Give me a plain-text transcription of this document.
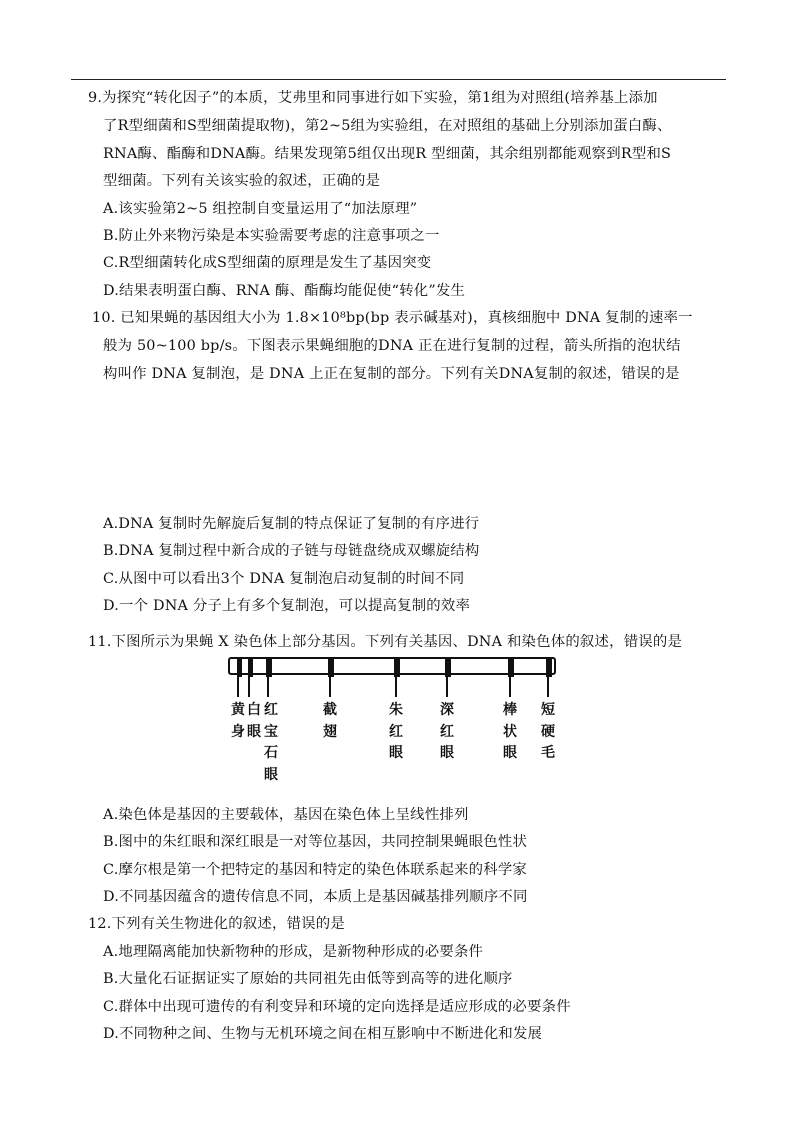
9.为探究“转化因子”的本质，艾弗里和同事进行如下实验，第1组为对照组(培养基上添加
了R型细菌和S型细菌提取物)，第2~5组为实验组，在对照组的基础上分别添加蛋白酶、
RNA酶、酯酶和DNA酶。结果发现第5组仅出现R 型细菌，其余组别都能观察到R型和S
型细菌。下列有关该实验的叙述，正确的是
A.该实验第2~5 组控制自变量运用了“加法原理”
B.防止外来物污染是本实验需要考虑的注意事项之一
C.R型细菌转化成S型细菌的原理是发生了基因突变
D.结果表明蛋白酶、RNA 酶、酯酶均能促使“转化”发生
10. 已知果蝇的基因组大小为 1.8×10⁸bp(bp 表示碱基对)，真核细胞中 DNA 复制的速率一
般为 50~100 bp/s。下图表示果蝇细胞的DNA 正在进行复制的过程，箭头所指的泡状结
构叫作 DNA 复制泡，是 DNA 上正在复制的部分。下列有关DNA复制的叙述，错误的是
A.DNA 复制时先解旋后复制的特点保证了复制的有序进行
B.DNA 复制过程中新合成的子链与母链盘绕成双螺旋结构
C.从图中可以看出3个 DNA 复制泡启动复制的时间不同
D.一个 DNA 分子上有多个复制泡，可以提高复制的效率
11.下图所示为果蝇 X 染色体上部分基因。下列有关基因、DNA 和染色体的叙述，错误的是
黄身
白眼
红宝石眼
截翅
朱红眼
深红眼
棒状眼
短硬毛
A.染色体是基因的主要载体，基因在染色体上呈线性排列
B.图中的朱红眼和深红眼是一对等位基因，共同控制果蝇眼色性状
C.摩尔根是第一个把特定的基因和特定的染色体联系起来的科学家
D.不同基因蕴含的遗传信息不同，本质上是基因碱基排列顺序不同
12.下列有关生物进化的叙述，错误的是
A.地理隔离能加快新物种的形成，是新物种形成的必要条件
B.大量化石证据证实了原始的共同祖先由低等到高等的进化顺序
C.群体中出现可遗传的有利变异和环境的定向选择是适应形成的必要条件
D.不同物种之间、生物与无机环境之间在相互影响中不断进化和发展
